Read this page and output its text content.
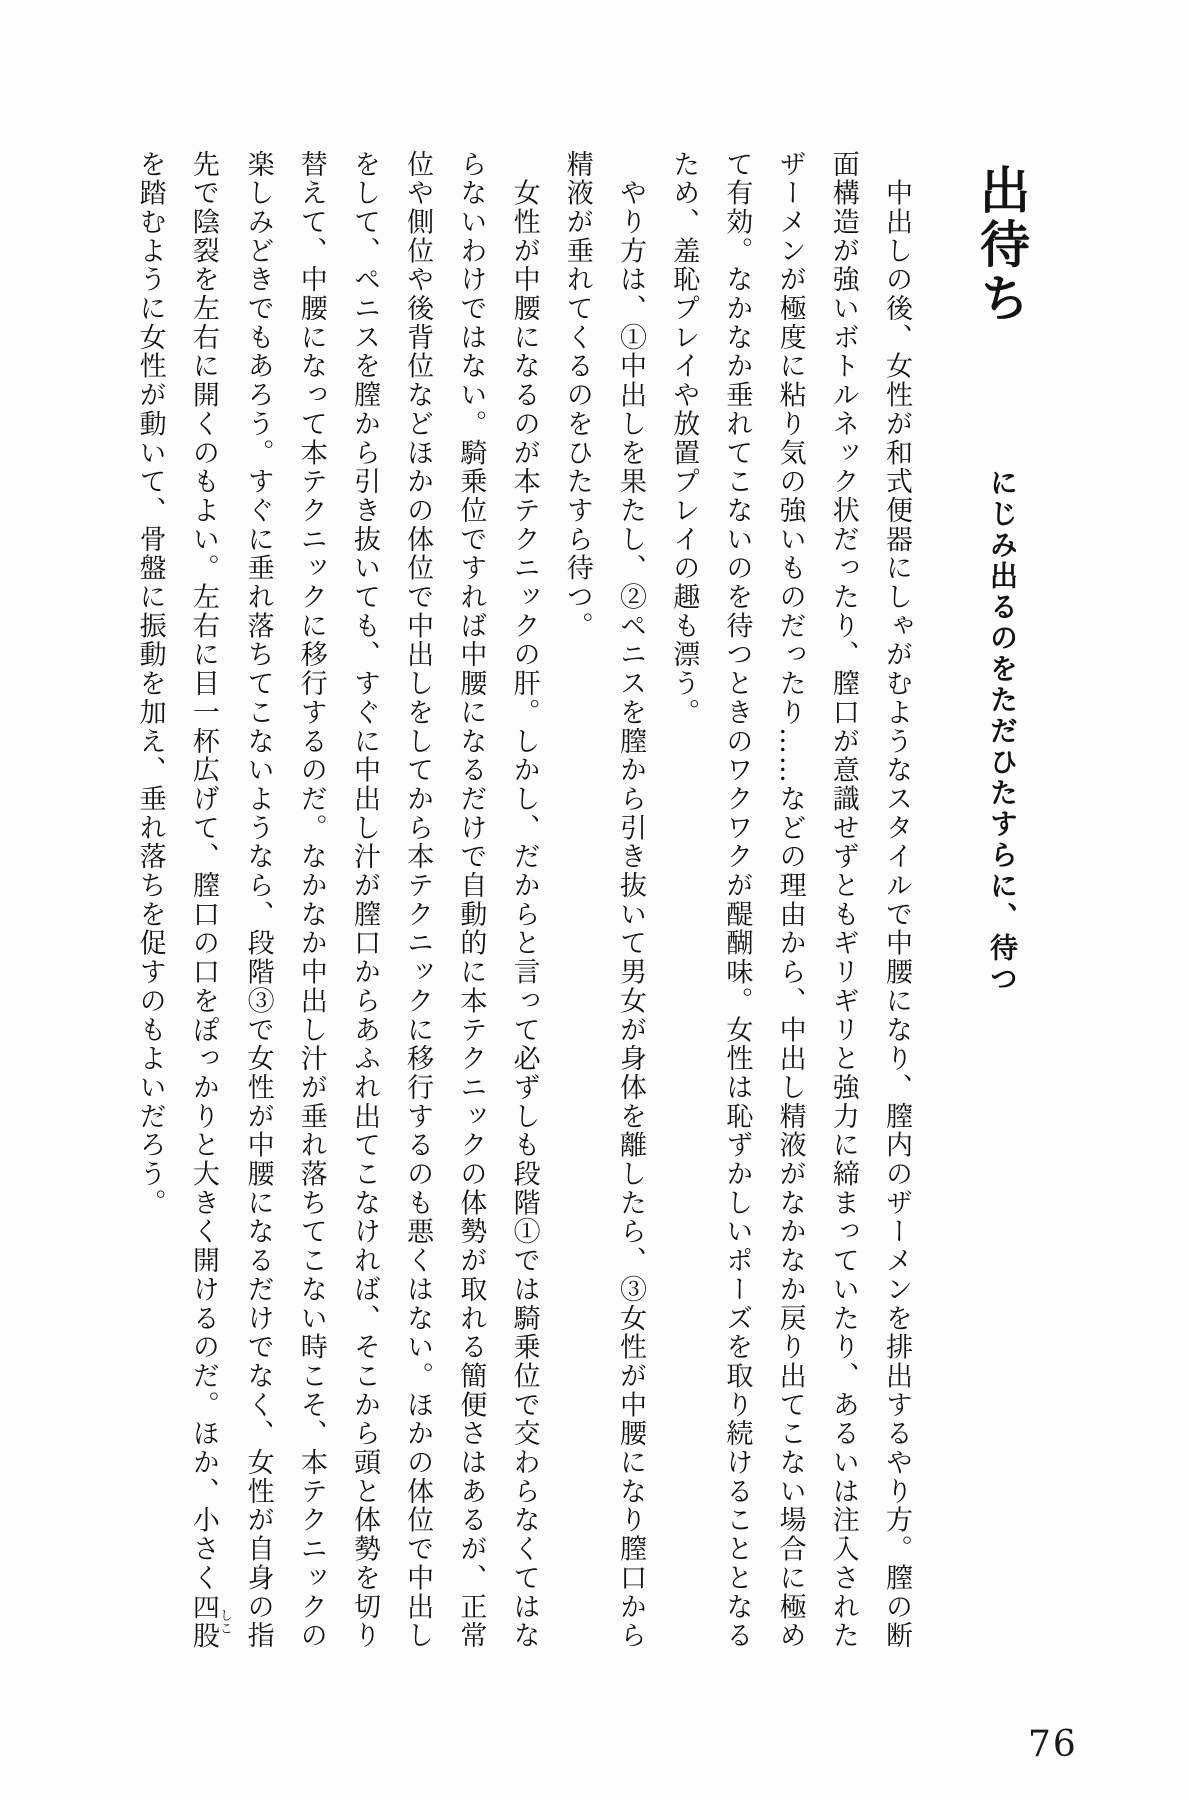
出待ち
にじみ出るのをただひたすらに、待つ
　中出しの後、女性が和式便器にしゃがむようなスタイルで中腰になり、膣内のザーメンを排出するやり方。膣の断
面構造が強いボトルネック状だったり、膣口が意識せずともギリギリと強力に締まっていたり、あるいは注入された
ザーメンが極度に粘り気の強いものだったり……などの理由から、中出し精液がなかなか戻り出てこない場合に極め
て有効。なかなか垂れてこないのを待つときのワクワクが醍醐味。女性は恥ずかしいポーズを取り続けることとなる
ため、羞恥プレイや放置プレイの趣も漂う。
　やり方は、①中出しを果たし、②ペニスを膣から引き抜いて男女が身体を離したら、③女性が中腰になり膣口から
精液が垂れてくるのをひたすら待つ。
　女性が中腰になるのが本テクニックの肝。しかし、だからと言って必ずしも段階①では騎乗位で交わらなくてはな
らないわけではない。騎乗位ですれば中腰になるだけで自動的に本テクニックの体勢が取れる簡便さはあるが、正常
位や側位や後背位などほかの体位で中出しをしてから本テクニックに移行するのも悪くはない。ほかの体位で中出し
をして、ペニスを膣から引き抜いても、すぐに中出し汁が膣口からあふれ出てこなければ、そこから頭と体勢を切り
替えて、中腰になって本テクニックに移行するのだ。なかなか中出し汁が垂れ落ちてこない時こそ、本テクニックの
楽しみどきでもあろう。すぐに垂れ落ちてこないようなら、段階③で女性が中腰になるだけでなく、女性が自身の指
先で陰裂を左右に開くのもよい。左右に目一杯広げて、膣口の口をぽっかりと大きく開けるのだ。ほか、小さく四股しこ
を踏むように女性が動いて、骨盤に振動を加え、垂れ落ちを促すのもよいだろう。
76
